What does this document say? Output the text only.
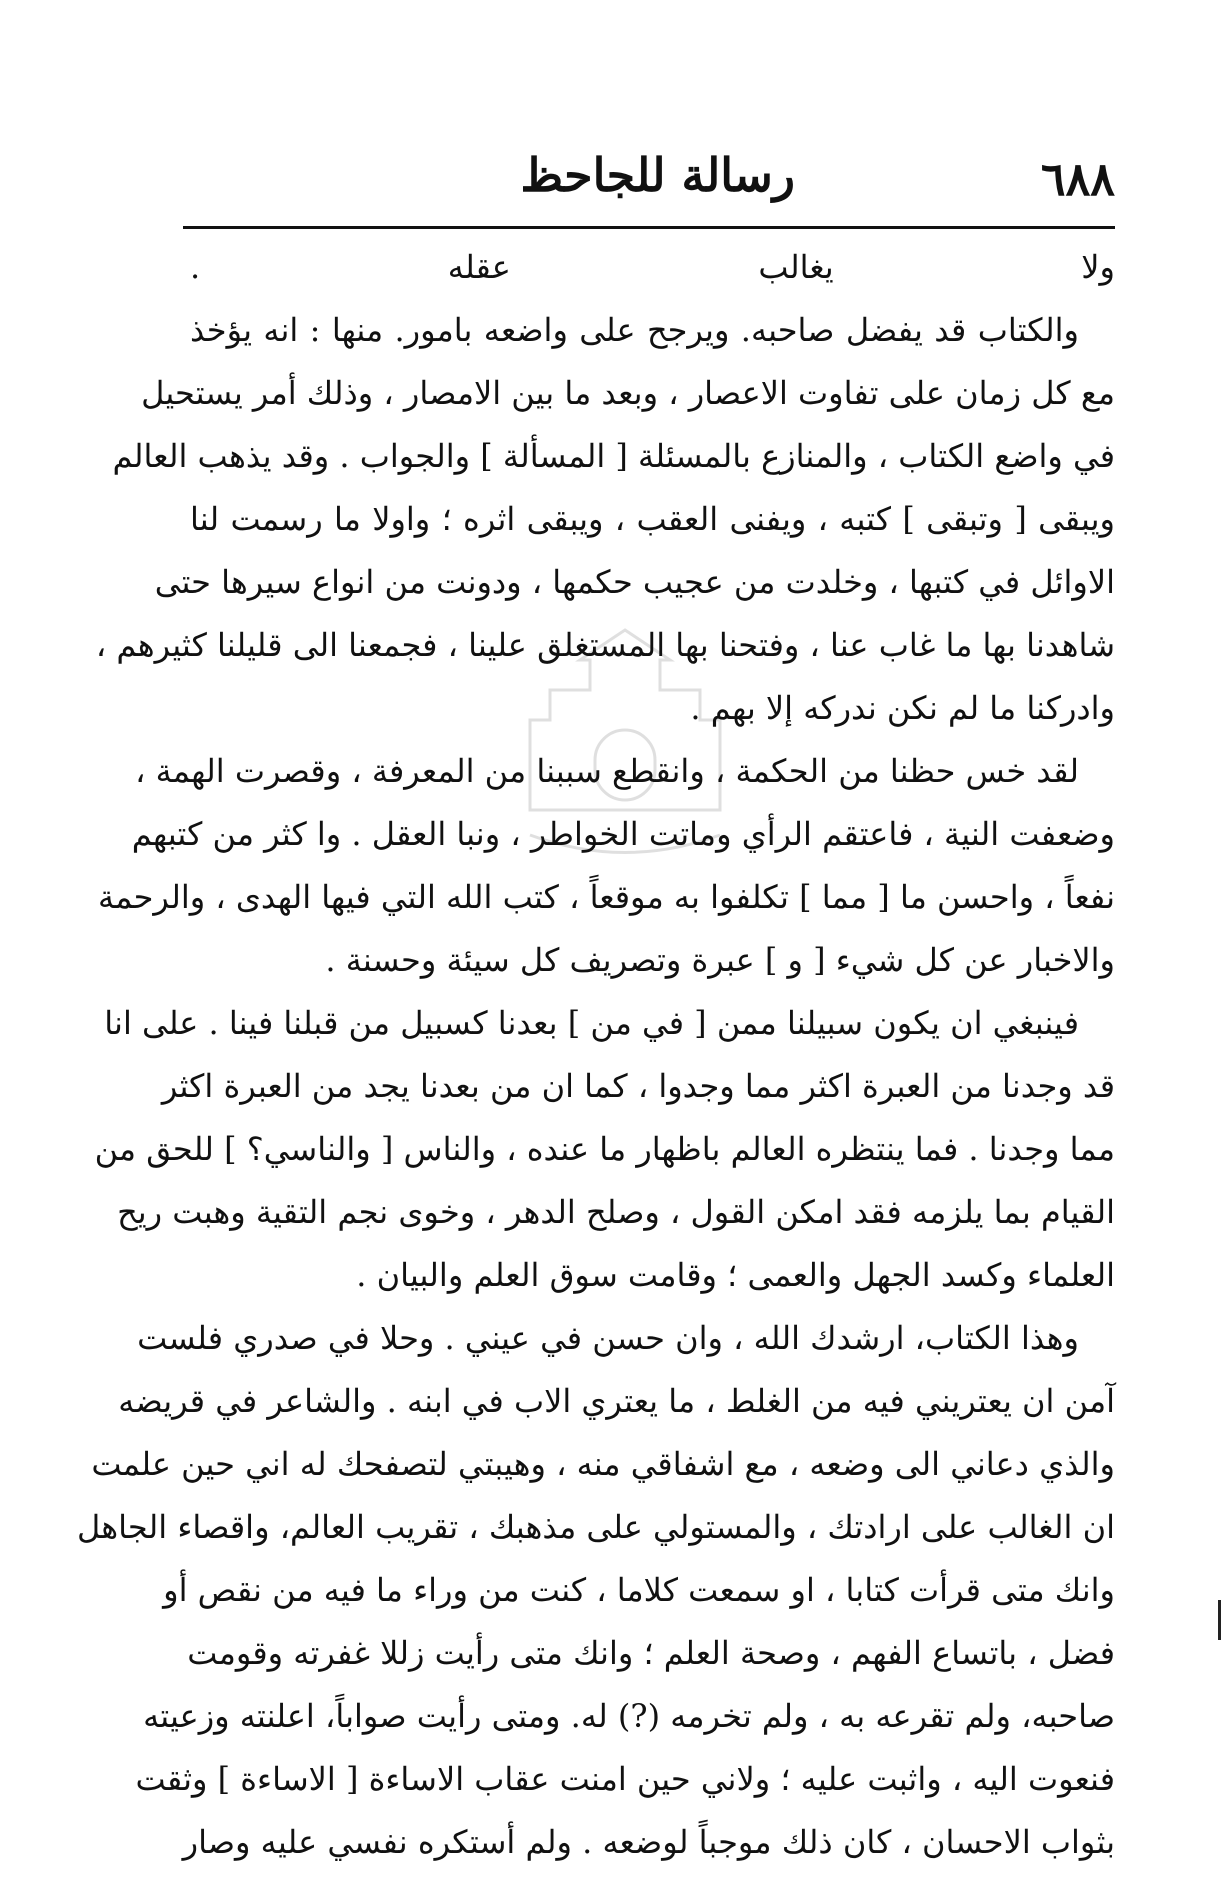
٦٨٨
رسالة للجاحظ
ولا يغالب عقله .
والكتاب قد يفضل صاحبه. ويرجح على واضعه بامور. منها : انه يؤخذ
مع كل زمان على تفاوت الاعصار ، وبعد ما بين الامصار ، وذلك أمر يستحيل
في واضع الكتاب ، والمنازع بالمسئلة [ المسألة ] والجواب . وقد يذهب العالم
ويبقى [ وتبقى ] كتبه ، ويفنى العقب ، ويبقى اثره ؛ واولا ما رسمت لنا
الاوائل في كتبها ، وخلدت من عجيب حكمها ، ودونت من انواع سيرها حتى
شاهدنا بها ما غاب عنا ، وفتحنا بها المستغلق علينا ، فجمعنا الى قليلنا كثيرهم ،
وادركنا ما لم نكن ندركه إلا بهم .
لقد خس حظنا من الحكمة ، وانقطع سببنا من المعرفة ، وقصرت الهمة ،
وضعفت النية ، فاعتقم الرأي وماتت الخواطر ، ونبا العقل . وا كثر من كتبهم
نفعاً ، واحسن ما [ مما ] تكلفوا به موقعاً ، كتب الله التي فيها الهدى ، والرحمة
والاخبار عن كل شيء [ و ] عبرة وتصريف كل سيئة وحسنة .
فينبغي ان يكون سبيلنا ممن [ في من ] بعدنا كسبيل من قبلنا فينا . على انا
قد وجدنا من العبرة اكثر مما وجدوا ، كما ان من بعدنا يجد من العبرة اكثر
مما وجدنا . فما ينتظره العالم باظهار ما عنده ، والناس [ والناسي؟ ] للحق من
القيام بما يلزمه فقد امكن القول ، وصلح الدهر ، وخوى نجم التقية وهبت ريح
العلماء وكسد الجهل والعمى ؛ وقامت سوق العلم والبيان .
وهذا الكتاب، ارشدك الله ، وان حسن في عيني . وحلا في صدري فلست
آمن ان يعتريني فيه من الغلط ، ما يعتري الاب في ابنه . والشاعر في قريضه
والذي دعاني الى وضعه ، مع اشفاقي منه ، وهيبتي لتصفحك له اني حين علمت
ان الغالب على ارادتك ، والمستولي على مذهبك ، تقريب العالم، واقصاء الجاهل
وانك متى قرأت كتابا ، او سمعت كلاما ، كنت من وراء ما فيه من نقص أو
فضل ، باتساع الفهم ، وصحة العلم ؛ وانك متى رأيت زللا غفرته وقومت
صاحبه، ولم تقرعه به ، ولم تخرمه (?) له. ومتى رأيت صواباً، اعلنته وزعيته
فنعوت اليه ، واثبت عليه ؛ ولاني حين امنت عقاب الاساءة [ الاساءة ] وثقت
بثواب الاحسان ، كان ذلك موجباً لوضعه . ولم أستكره نفسي عليه وصار
